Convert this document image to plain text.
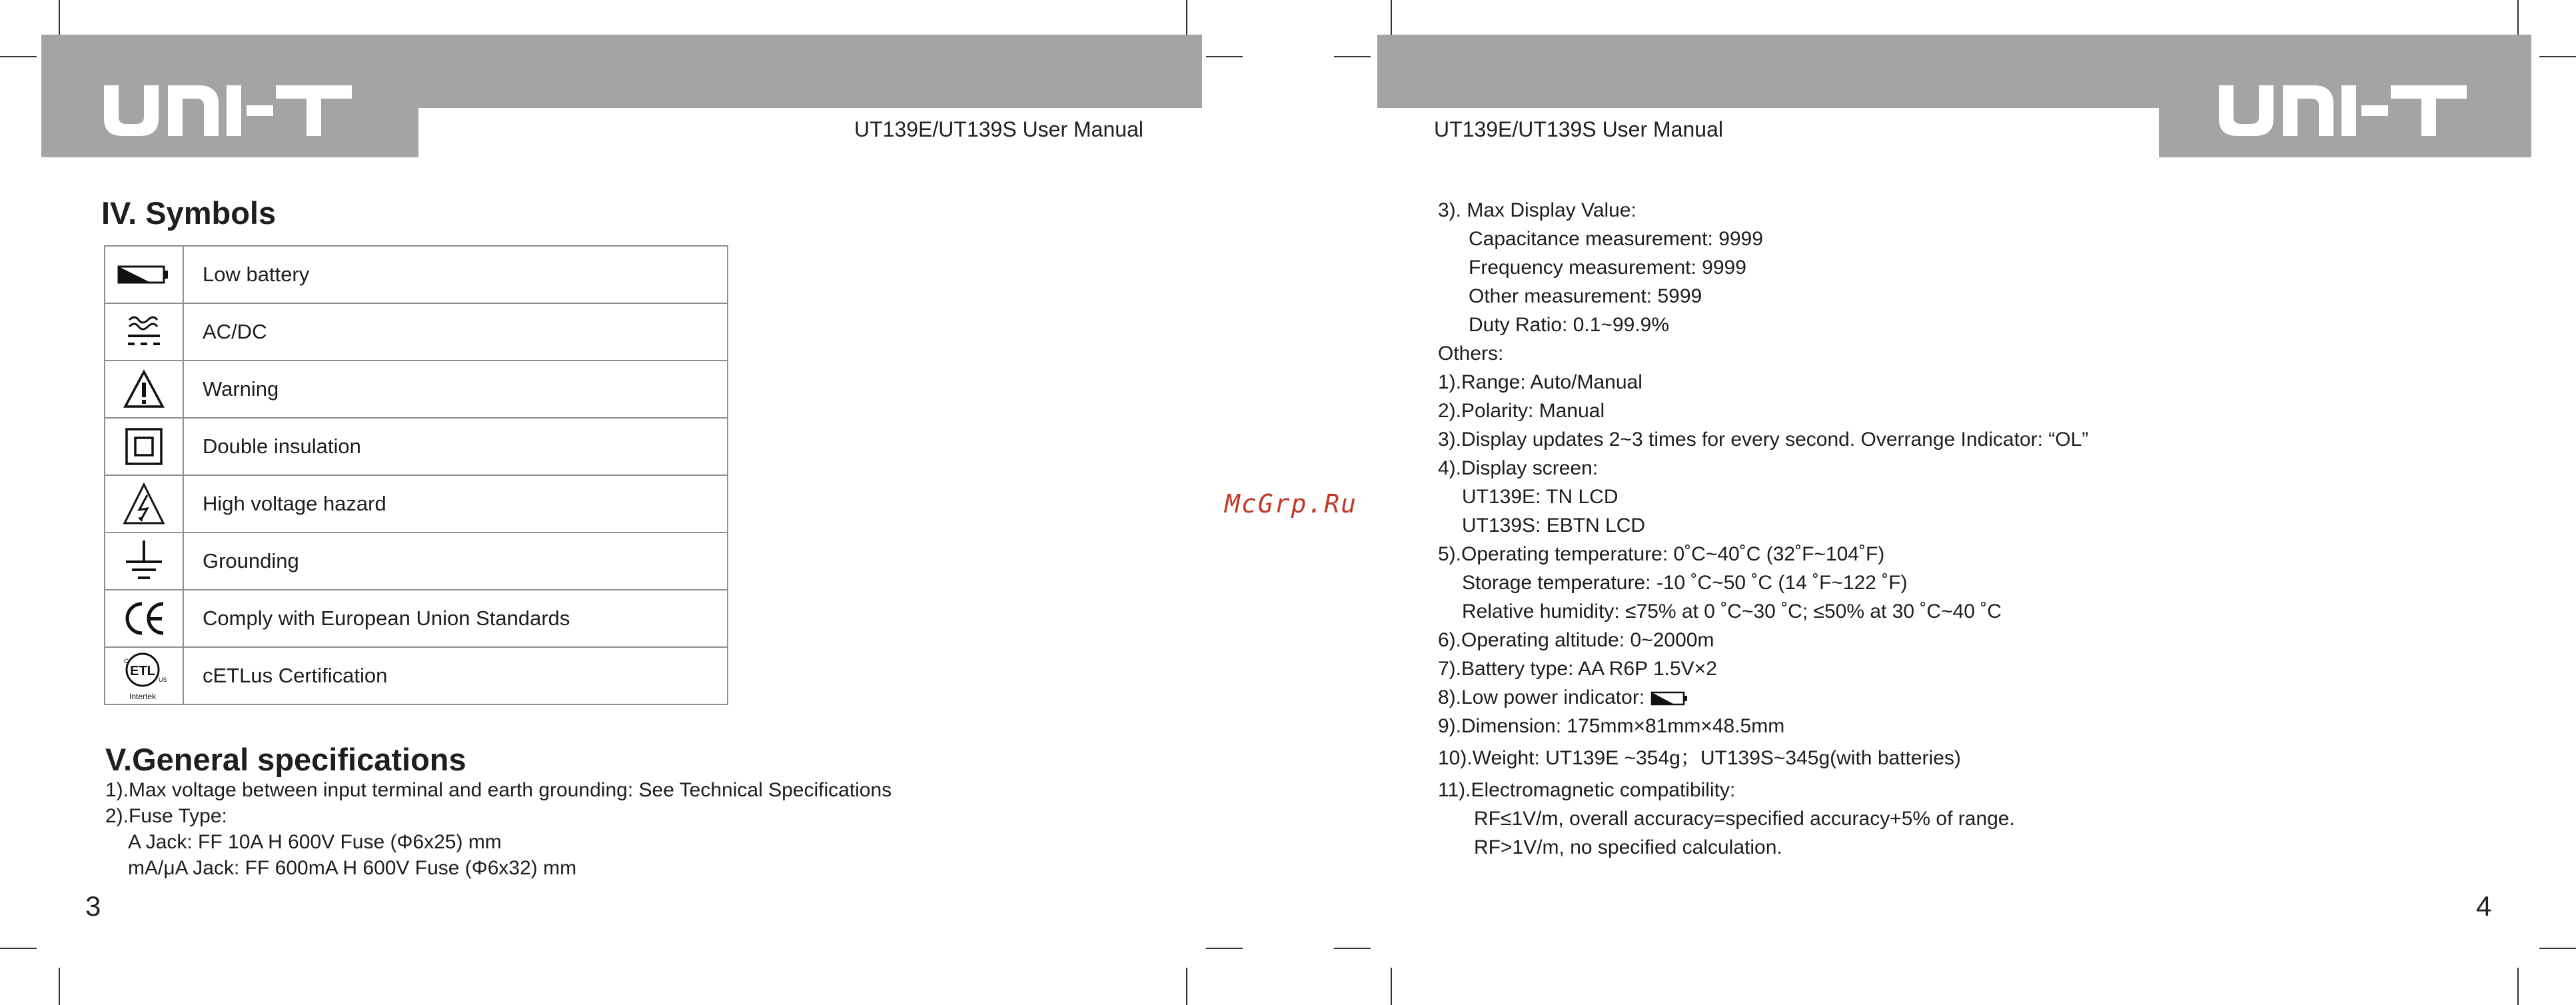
UT139E/UT139S User Manual	UT139E/UT139S User Manual
IV. Symbols
	Low battery

	AC/DC

	Warning

	Double insulation

	High voltage hazard

	Grounding

	Comply with European Union Standards

ETL
C
US
Intertek	cETLus Certification
V.General specifications
1).Max voltage between input terminal and earth grounding: See Technical Specifications
2).Fuse Type:
A Jack: FF 10A H 600V Fuse (Φ6x25) mm
mA/μA Jack: FF 600mA H 600V Fuse (Φ6x32) mm
3
McGrp.Ru
4
3). Max Display Value:
Capacitance measurement: 9999
Frequency measurement: 9999
Other measurement: 5999
Duty Ratio: 0.1~99.9%
Others:
1).Range: Auto/Manual
2).Polarity: Manual
3).Display updates 2~3 times for every second. Overrange Indicator: “OL”
4).Display screen:
UT139E: TN LCD
UT139S: EBTN LCD
5).Operating temperature: 0˚C~40˚C (32˚F~104˚F)
Storage temperature: -10 ˚C~50 ˚C (14 ˚F~122 ˚F)
Relative humidity: ≤75% at 0 ˚C~30 ˚C; ≤50% at 30 ˚C~40 ˚C
6).Operating altitude: 0~2000m
7).Battery type: AA R6P 1.5V×2
8).Low power indicator:
9).Dimension: 175mm×81mm×48.5mm
10).Weight: UT139E ~354g；UT139S~345g(with batteries)
11).Electromagnetic compatibility:
RF≤1V/m, overall accuracy=specified accuracy+5% of range.
RF>1V/m, no specified calculation.
